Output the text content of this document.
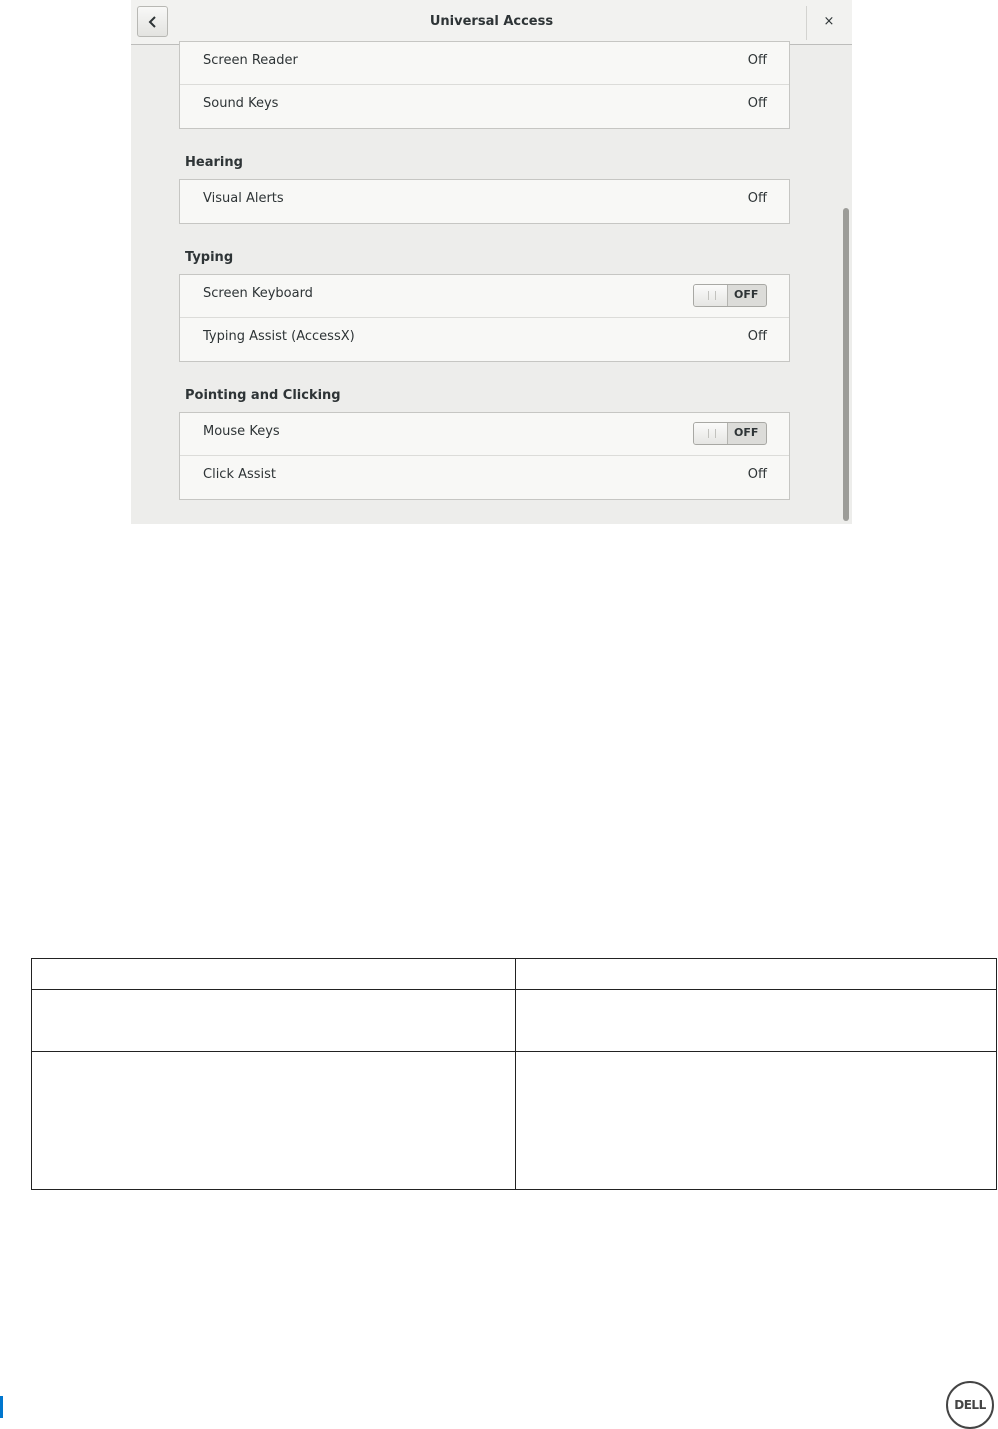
Universal Access	×
Screen Reader	Off
Sound Keys	Off
Hearing
Visual Alerts	Off
Typing
Screen Keyboard	OFF
Typing Assist (AccessX)	Off
Pointing and Clicking
Mouse Keys	OFF
Click Assist	Off

DELL
